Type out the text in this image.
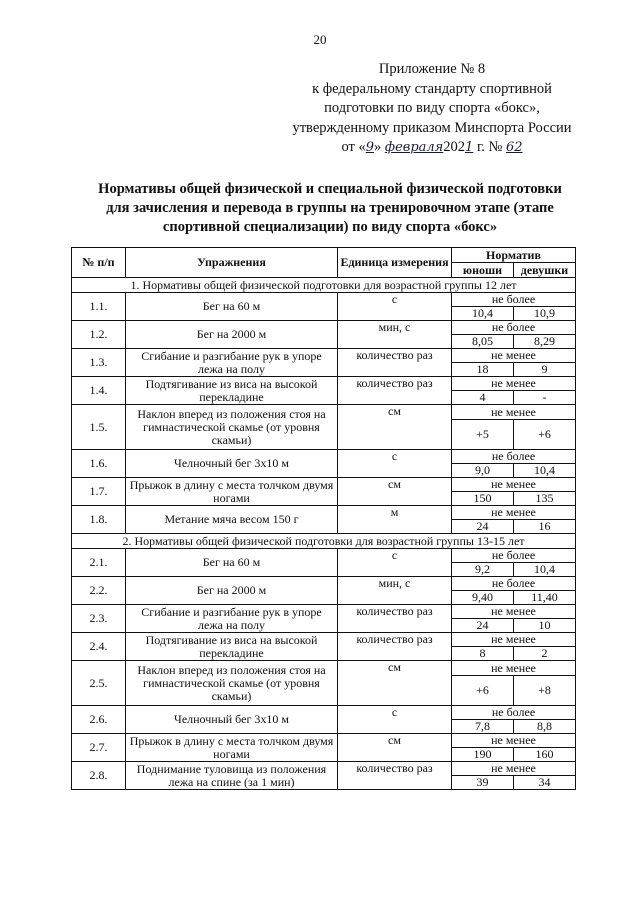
20
Приложение № 8
к федеральному стандарту спортивной
подготовки по виду спорта «бокс»,
утвержденному приказом Минспорта России
от «9» февраля2021 г. № 62
Нормативы общей физической и специальной физической подготовки
для зачисления и перевода в группы на тренировочном этапе (этапе
спортивной специализации) по виду спорта «бокс»
№ п/п	Упражнения	Единица измерения	Норматив	
			юноши	девушки
1. Нормативы общей физической подготовки для возрастной группы 12 лет				
1.1.	Бег на 60 м	с	не более	
			10,4	10,9
1.2.	Бег на 2000 м	мин, с	не более	
			8,05	8,29
1.3.	Сгибание и разгибание рук в упоре лежа на полу	количество раз	не менее	
			18	9
1.4.	Подтягивание из виса на высокой перекладине	количество раз	не менее	
			4	-
1.5.	Наклон вперед из положения стоя на гимнастической скамье (от уровня скамьи)	см	не менее	
			+5	+6
1.6.	Челночный бег 3х10 м	с	не более	
			9,0	10,4
1.7.	Прыжок в длину с места толчком двумя ногами	см	не менее	
			150	135
1.8.	Метание мяча весом 150 г	м	не менее	
			24	16
2. Нормативы общей физической подготовки для возрастной группы 13-15 лет				
2.1.	Бег на 60 м	с	не более	
			9,2	10,4
2.2.	Бег на 2000 м	мин, с	не более	
			9,40	11,40
2.3.	Сгибание и разгибание рук в упоре лежа на полу	количество раз	не менее	
			24	10
2.4.	Подтягивание из виса на высокой перекладине	количество раз	не менее	
			8	2
2.5.	Наклон вперед из положения стоя на гимнастической скамье (от уровня скамьи)	см	не менее	
			+6	+8
2.6.	Челночный бег 3х10 м	с	не более	
			7,8	8,8
2.7.	Прыжок в длину с места толчком двумя ногами	см	не менее	
			190	160
2.8.	Поднимание туловища из положения лежа на спине (за 1 мин)	количество раз	не менее	
			39	34
